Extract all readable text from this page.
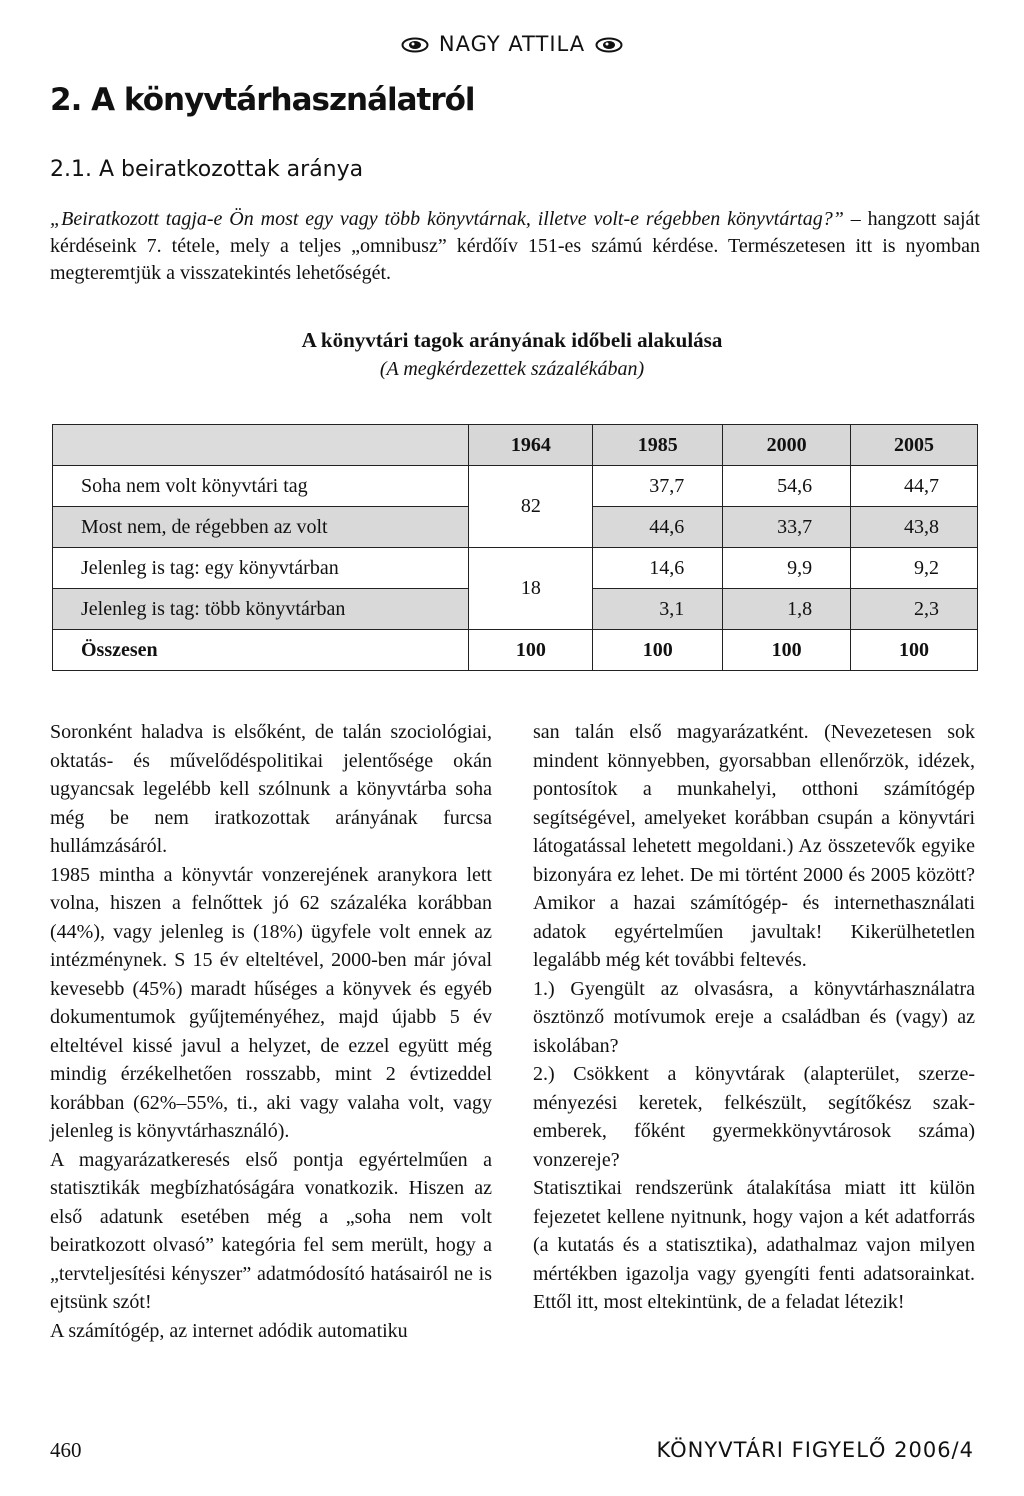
NAGY ATTILA
2. A könyvtárhasználatról
2.1. A beiratkozottak aránya
„Beiratkozott tagja-e Ön most egy vagy több könyvtárnak, illetve volt-e régebben könyvtártag?” – hangzott saját kérdéseink 7. tétele, mely a teljes „omnibusz” kérdőív 151-es számú kérdése. Természetesen itt is nyomban megteremtjük a visszatekintés lehetőségét.
A könyvtári tagok arányának időbeli alakulása
(A megkérdezettek százalékában)
	1964	1985	2000	2005
Soha nem volt könyvtári tag	82	37,7	54,6	44,7
Most nem, de régebben az volt		44,6	33,7	43,8
Jelenleg is tag: egy könyvtárban	18	14,6	9,9	9,2
Jelenleg is tag: több könyvtárban		3,1	1,8	2,3
Összesen	100	100	100	100

Soronként haladva is elsőként, de talán szociológiai, oktatás- és művelődéspolitikai jelentősége okán ugyancsak legelébb kell szólnunk a könyvtárba soha még be nem iratkozottak arányának furcsa hullámzásáról.

1985 mintha a könyvtár vonzerejének aranykora lett volna, hiszen a felnőttek jó 62 százaléka korábban (44%), vagy jelenleg is (18%) ügyfele volt ennek az intézménynek. S 15 év elteltével, 2000-ben már jóval kevesebb (45%) maradt hűséges a könyvek és egyéb dokumentumok gyűjteményéhez, majd újabb 5 év elteltével kissé javul a helyzet, de ezzel együtt még mindig érzékelhetően rosszabb, mint 2 évtizeddel korábban (62%–55%, ti., aki vagy valaha volt, vagy jelenleg is könyvtárhasználó).

A magyarázatkeresés első pontja egyértelműen a statisztikák megbízhatóságára vonatkozik. Hiszen az első adatunk esetében még a „soha nem volt beiratkozott olvasó” kategória fel sem merült, hogy a „tervteljesítési kényszer” adatmódosító hatásairól ne is ejtsünk szót!

A számítógép, az internet adódik automatiku

san talán első magyarázatként. (Nevezetesen sok mindent könnyebben, gyorsabban ellenőrzök, idézek, pontosítok a munkahelyi, otthoni számítógép segítségével, amelyeket korábban csupán a könyvtári látogatással lehetett megoldani.) Az összetevők egyike bizonyára ez lehet. De mi történt 2000 és 2005 között? Amikor a hazai számítógép- és internethasználati adatok egyértelműen javultak! Kikerülhetetlen legalább még két további feltevés.

1.) Gyengült az olvasásra, a könyvtárhasználatra ösztönző motívumok ereje a családban és (vagy) az iskolában?

2.) Csökkent a könyvtárak (alapterület, szerzeményezési keretek, felkészült, segítőkész szakemberek, főként gyermekkönyvtárosok száma) vonzereje?

Statisztikai rendszerünk átalakítása miatt itt külön fejezetet kellene nyitnunk, hogy vajon a két adatforrás (a kutatás és a statisztika), adathalmaz vajon milyen mértékben igazolja vagy gyengíti fenti adatsorainkat. Ettől itt, most eltekintünk, de a feladat létezik!

460	KÖNYVTÁRI FIGYELŐ 2006/4
